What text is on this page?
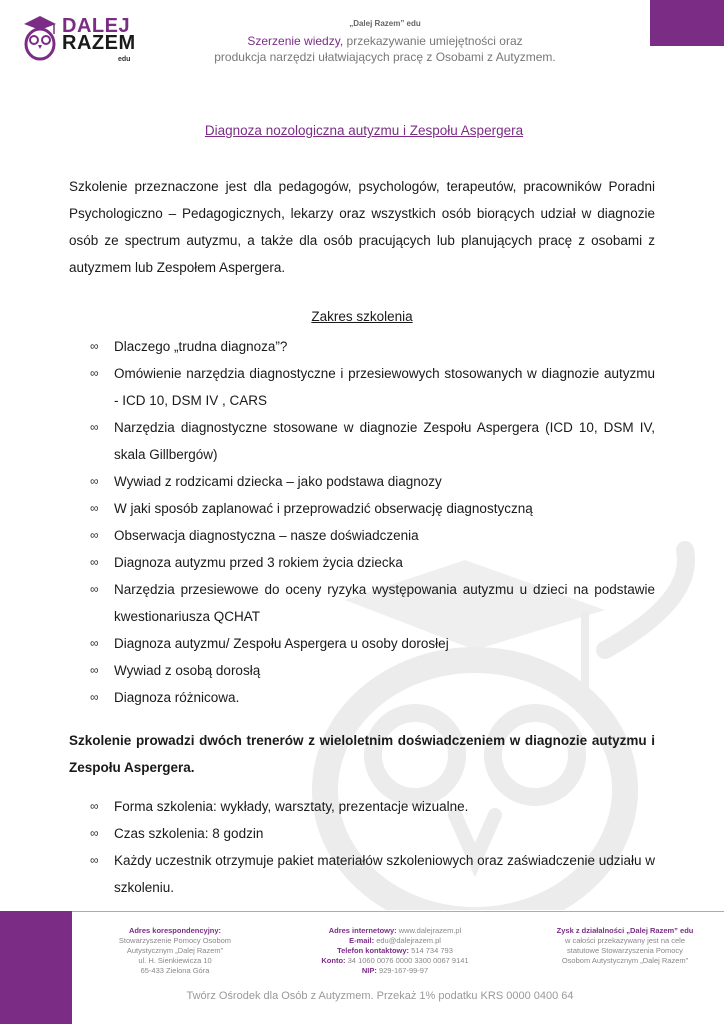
DALEJ
RAZEM
edu
„Dalej Razem” edu
Szerzenie wiedzy, przekazywanie umiejętności oraz
produkcja narzędzi ułatwiających pracę z Osobami z Autyzmem.
Diagnoza nozologiczna autyzmu i Zespołu Aspergera
Szkolenie przeznaczone jest dla pedagogów, psychologów, terapeutów, pracowników Poradni Psychologiczno – Pedagogicznych, lekarzy oraz wszystkich osób biorących udział w diagnozie osób ze spectrum autyzmu, a także dla osób pracujących lub planujących pracę z osobami z autyzmem lub Zespołem Aspergera.
Zakres szkolenia
∞ Dlaczego „trudna diagnoza”?
∞ Omówienie narzędzia diagnostyczne i przesiewowych stosowanych w diagnozie autyzmu - ICD 10, DSM IV , CARS
∞ Narzędzia diagnostyczne stosowane w diagnozie Zespołu Aspergera (ICD 10, DSM IV, skala Gillbergów)
∞ Wywiad z rodzicami dziecka – jako podstawa diagnozy
∞ W jaki sposób zaplanować i przeprowadzić obserwację diagnostyczną
∞ Obserwacja diagnostyczna – nasze doświadczenia
∞ Diagnoza autyzmu przed 3 rokiem życia dziecka
∞ Narzędzia przesiewowe do oceny ryzyka występowania autyzmu u dzieci na podstawie kwestionariusza QCHAT
∞ Diagnoza autyzmu/ Zespołu Aspergera u osoby dorosłej
∞ Wywiad z osobą dorosłą
∞ Diagnoza różnicowa.
Szkolenie prowadzi dwóch trenerów z wieloletnim doświadczeniem w diagnozie autyzmu i Zespołu Aspergera.
∞ Forma szkolenia: wykłady, warsztaty, prezentacje wizualne.
∞ Czas szkolenia: 8 godzin
∞ Każdy uczestnik otrzymuje pakiet materiałów szkoleniowych oraz zaświadczenie udziału w szkoleniu.
Adres korespondencyjny:
Stowarzyszenie Pomocy Osobom
Autystycznym „Dalej Razem”
ul. H. Sienkiewicza 10
65-433 Zielona Góra
Adres internetowy: www.dalejrazem.pl
E-mail: edu@dalejrazem.pl
Telefon kontaktowy: 514 734 793
Konto: 34 1060 0076 0000 3300 0067 9141
NIP: 929-167-99-97
Zysk z działalności „Dalej Razem” edu
w całości przekazywany jest na cele
statutowe Stowarzyszenia Pomocy
Osobom Autystycznym „Dalej Razem”
Twórz Ośrodek dla Osób z Autyzmem. Przekaż 1% podatku KRS 0000 0400 64
